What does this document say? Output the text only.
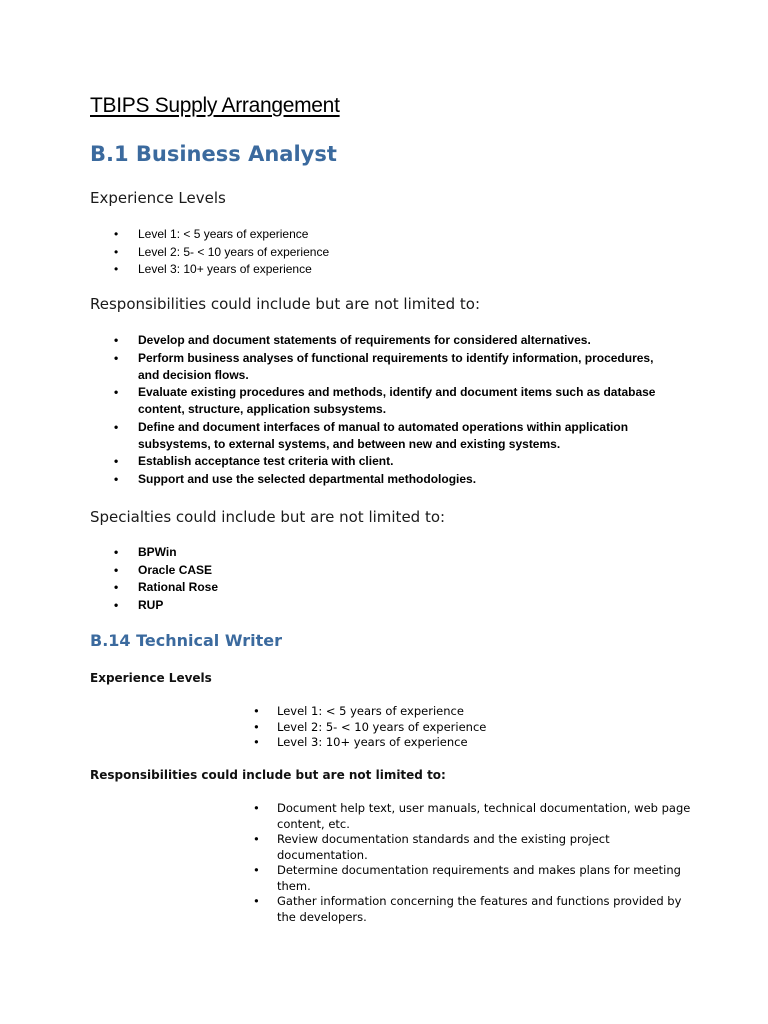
TBIPS Supply Arrangement
B.1 Business Analyst
Experience Levels
• Level 1: < 5 years of experience
• Level 2: 5- < 10 years of experience
• Level 3: 10+ years of experience
Responsibilities could include but are not limited to:
• Develop and document statements of requirements for considered alternatives.
• Perform business analyses of functional requirements to identify information, procedures, and decision flows.
• Evaluate existing procedures and methods, identify and document items such as database content, structure, application subsystems.
• Define and document interfaces of manual to automated operations within application subsystems, to external systems, and between new and existing systems.
• Establish acceptance test criteria with client.
• Support and use the selected departmental methodologies.
Specialties could include but are not limited to:
• BPWin
• Oracle CASE
• Rational Rose
• RUP
B.14 Technical Writer
Experience Levels
• Level 1: < 5 years of experience
• Level 2: 5- < 10 years of experience
• Level 3: 10+ years of experience
Responsibilities could include but are not limited to:
• Document help text, user manuals, technical documentation, web page content, etc.
• Review documentation standards and the existing project documentation.
• Determine documentation requirements and makes plans for meeting them.
• Gather information concerning the features and functions provided by the developers.
